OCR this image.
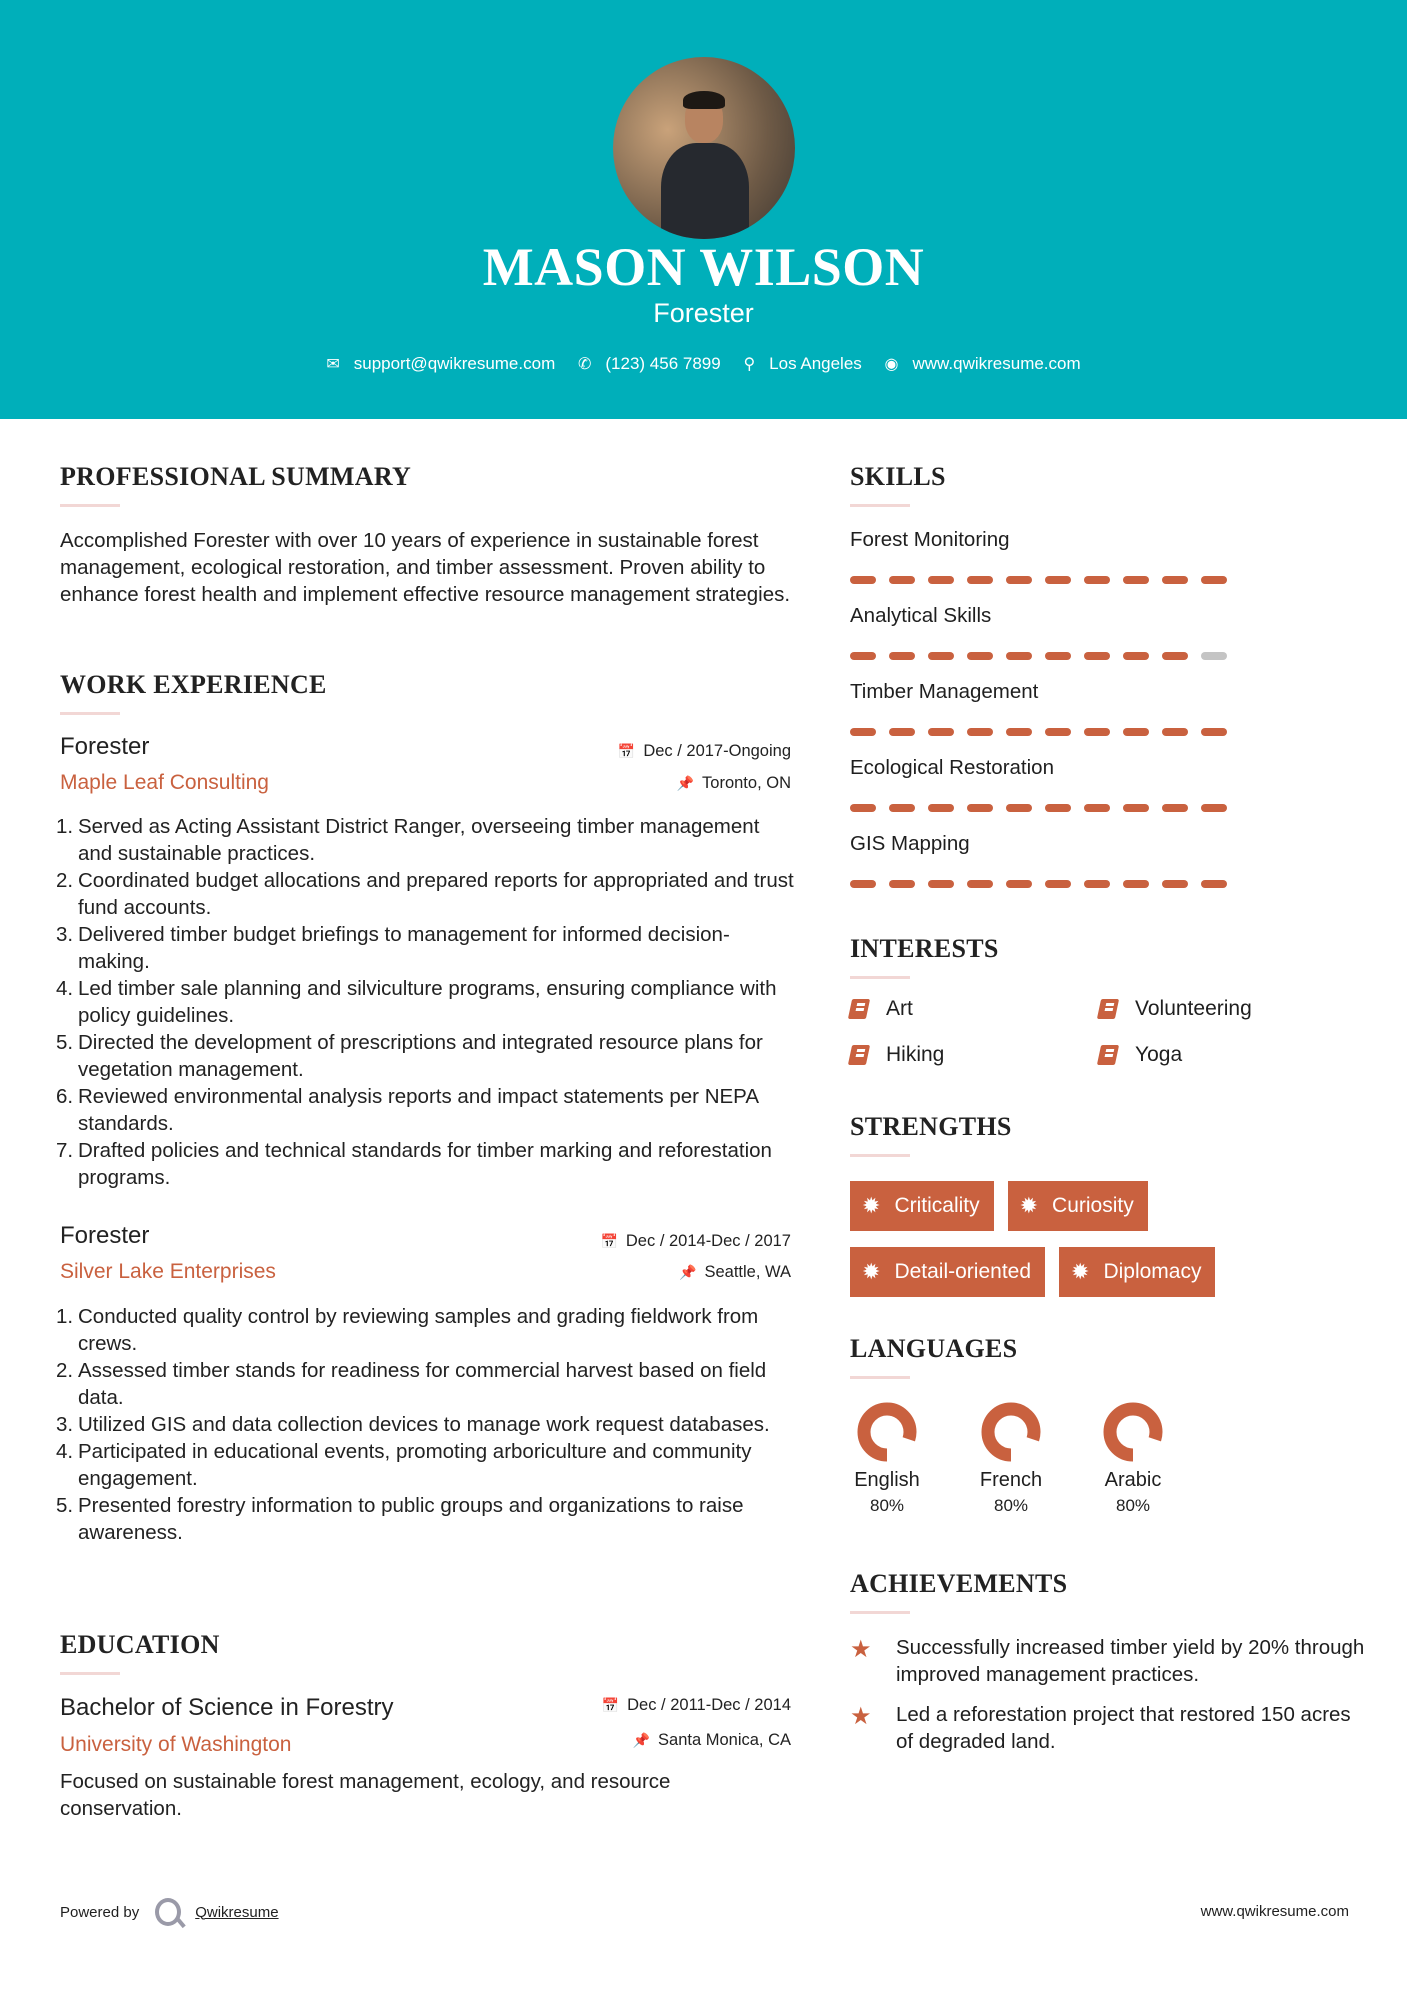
MASON WILSON
Forester
✉ support@qwikresume.com ✆ (123) 456 7899 ⚲ Los Angeles ◉ www.qwikresume.com
PROFESSIONAL SUMMARY
Accomplished Forester with over 10 years of experience in sustainable forest management, ecological restoration, and timber assessment. Proven ability to enhance forest health and implement effective resource management strategies.
WORK EXPERIENCE
Forester	📅 Dec / 2017-Ongoing
Maple Leaf Consulting	📌 Toronto, ON
1. Served as Acting Assistant District Ranger, overseeing timber management and sustainable practices.
2. Coordinated budget allocations and prepared reports for appropriated and trust fund accounts.
3. Delivered timber budget briefings to management for informed decision-making.
4. Led timber sale planning and silviculture programs, ensuring compliance with policy guidelines.
5. Directed the development of prescriptions and integrated resource plans for vegetation management.
6. Reviewed environmental analysis reports and impact statements per NEPA standards.
7. Drafted policies and technical standards for timber marking and reforestation programs.
Forester	📅 Dec / 2014-Dec / 2017
Silver Lake Enterprises	📌 Seattle, WA
1. Conducted quality control by reviewing samples and grading fieldwork from crews.
2. Assessed timber stands for readiness for commercial harvest based on field data.
3. Utilized GIS and data collection devices to manage work request databases.
4. Participated in educational events, promoting arboriculture and community engagement.
5. Presented forestry information to public groups and organizations to raise awareness.
EDUCATION
Bachelor of Science in Forestry	📅 Dec / 2011-Dec / 2014
University of Washington	📌 Santa Monica, CA
Focused on sustainable forest management, ecology, and resource conservation.
SKILLS
Forest Monitoring
Analytical Skills
Timber Management
Ecological Restoration
GIS Mapping
INTERESTS
Art	Volunteering
Hiking	Yoga
STRENGTHS
✹ Criticality ✹ Curiosity
✹ Detail-oriented ✹ Diplomacy
LANGUAGES
English
80%
French
80%
Arabic
80%
ACHIEVEMENTS
★ Successfully increased timber yield by 20% through improved management practices.
★ Led a reforestation project that restored 150 acres of degraded land.
Powered by	Qwikresume	www.qwikresume.com
